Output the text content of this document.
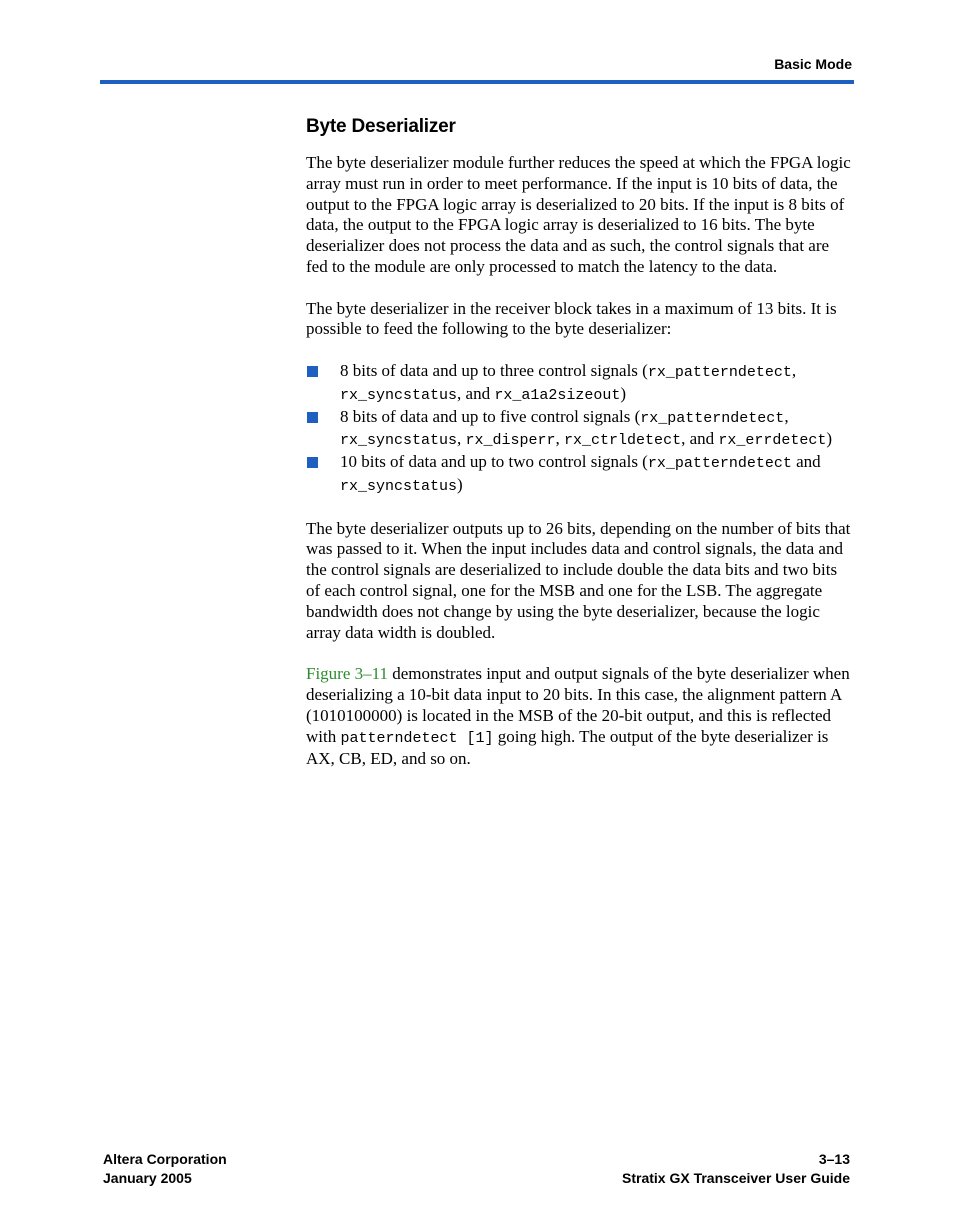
Basic Mode
Byte Deserializer

The byte deserializer module further reduces the speed at which the FPGA logic array must run in order to meet performance. If the input is 10 bits of data, the output to the FPGA logic array is deserialized to 20 bits. If the input is 8 bits of data, the output to the FPGA logic array is deserialized to 16 bits. The byte deserializer does not process the data and as such, the control signals that are fed to the module are only processed to match the latency to the data.

The byte deserializer in the receiver block takes in a maximum of 13 bits. It is possible to feed the following to the byte deserializer:

8 bits of data and up to three control signals (rx_patterndetect, rx_syncstatus, and rx_a1a2sizeout)
8 bits of data and up to five control signals (rx_patterndetect, rx_syncstatus, rx_disperr, rx_ctrldetect, and rx_errdetect)
10 bits of data and up to two control signals (rx_patterndetect and rx_syncstatus)

The byte deserializer outputs up to 26 bits, depending on the number of bits that was passed to it. When the input includes data and control signals, the data and the control signals are deserialized to include double the data bits and two bits of each control signal, one for the MSB and one for the LSB. The aggregate bandwidth does not change by using the byte deserializer, because the logic array data width is doubled.

Figure 3–11 demonstrates input and output signals of the byte deserializer when deserializing a 10-bit data input to 20 bits. In this case, the alignment pattern A (1010100000) is located in the MSB of the 20-bit output, and this is reflected with patterndetect [1] going high. The output of the byte deserializer is AX, CB, ED, and so on.

Altera Corporation
January 2005
3–13
Stratix GX Transceiver User Guide
